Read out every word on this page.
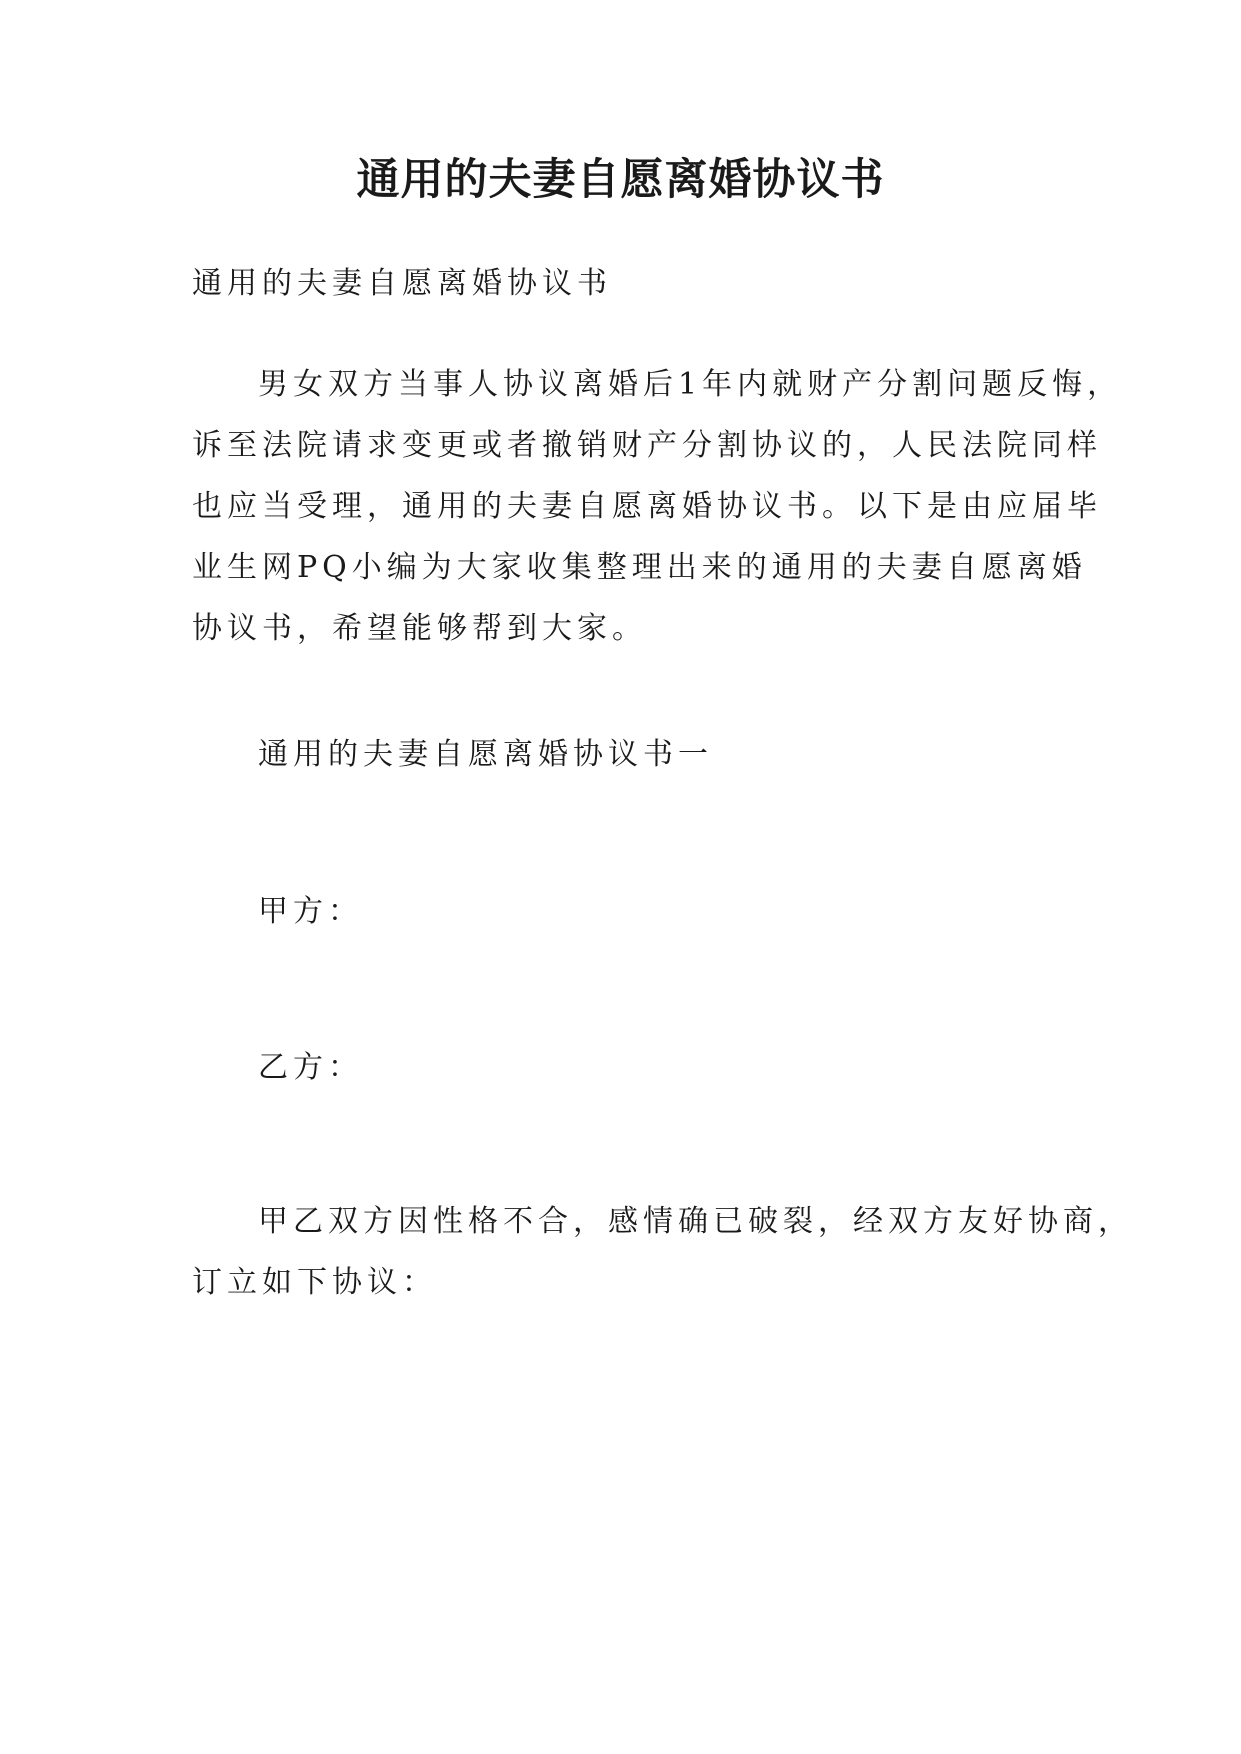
通用的夫妻自愿离婚协议书

通用的夫妻自愿离婚协议书

男女双方当事人协议离婚后1年内就财产分割问题反悔，
诉至法院请求变更或者撤销财产分割协议的，人民法院同样
也应当受理，通用的夫妻自愿离婚协议书。以下是由应届毕
业生网PQ小编为大家收集整理出来的通用的夫妻自愿离婚
协议书，希望能够帮到大家。

通用的夫妻自愿离婚协议书一

甲方：

乙方：

甲乙双方因性格不合，感情确已破裂，经双方友好协商，
订立如下协议：
